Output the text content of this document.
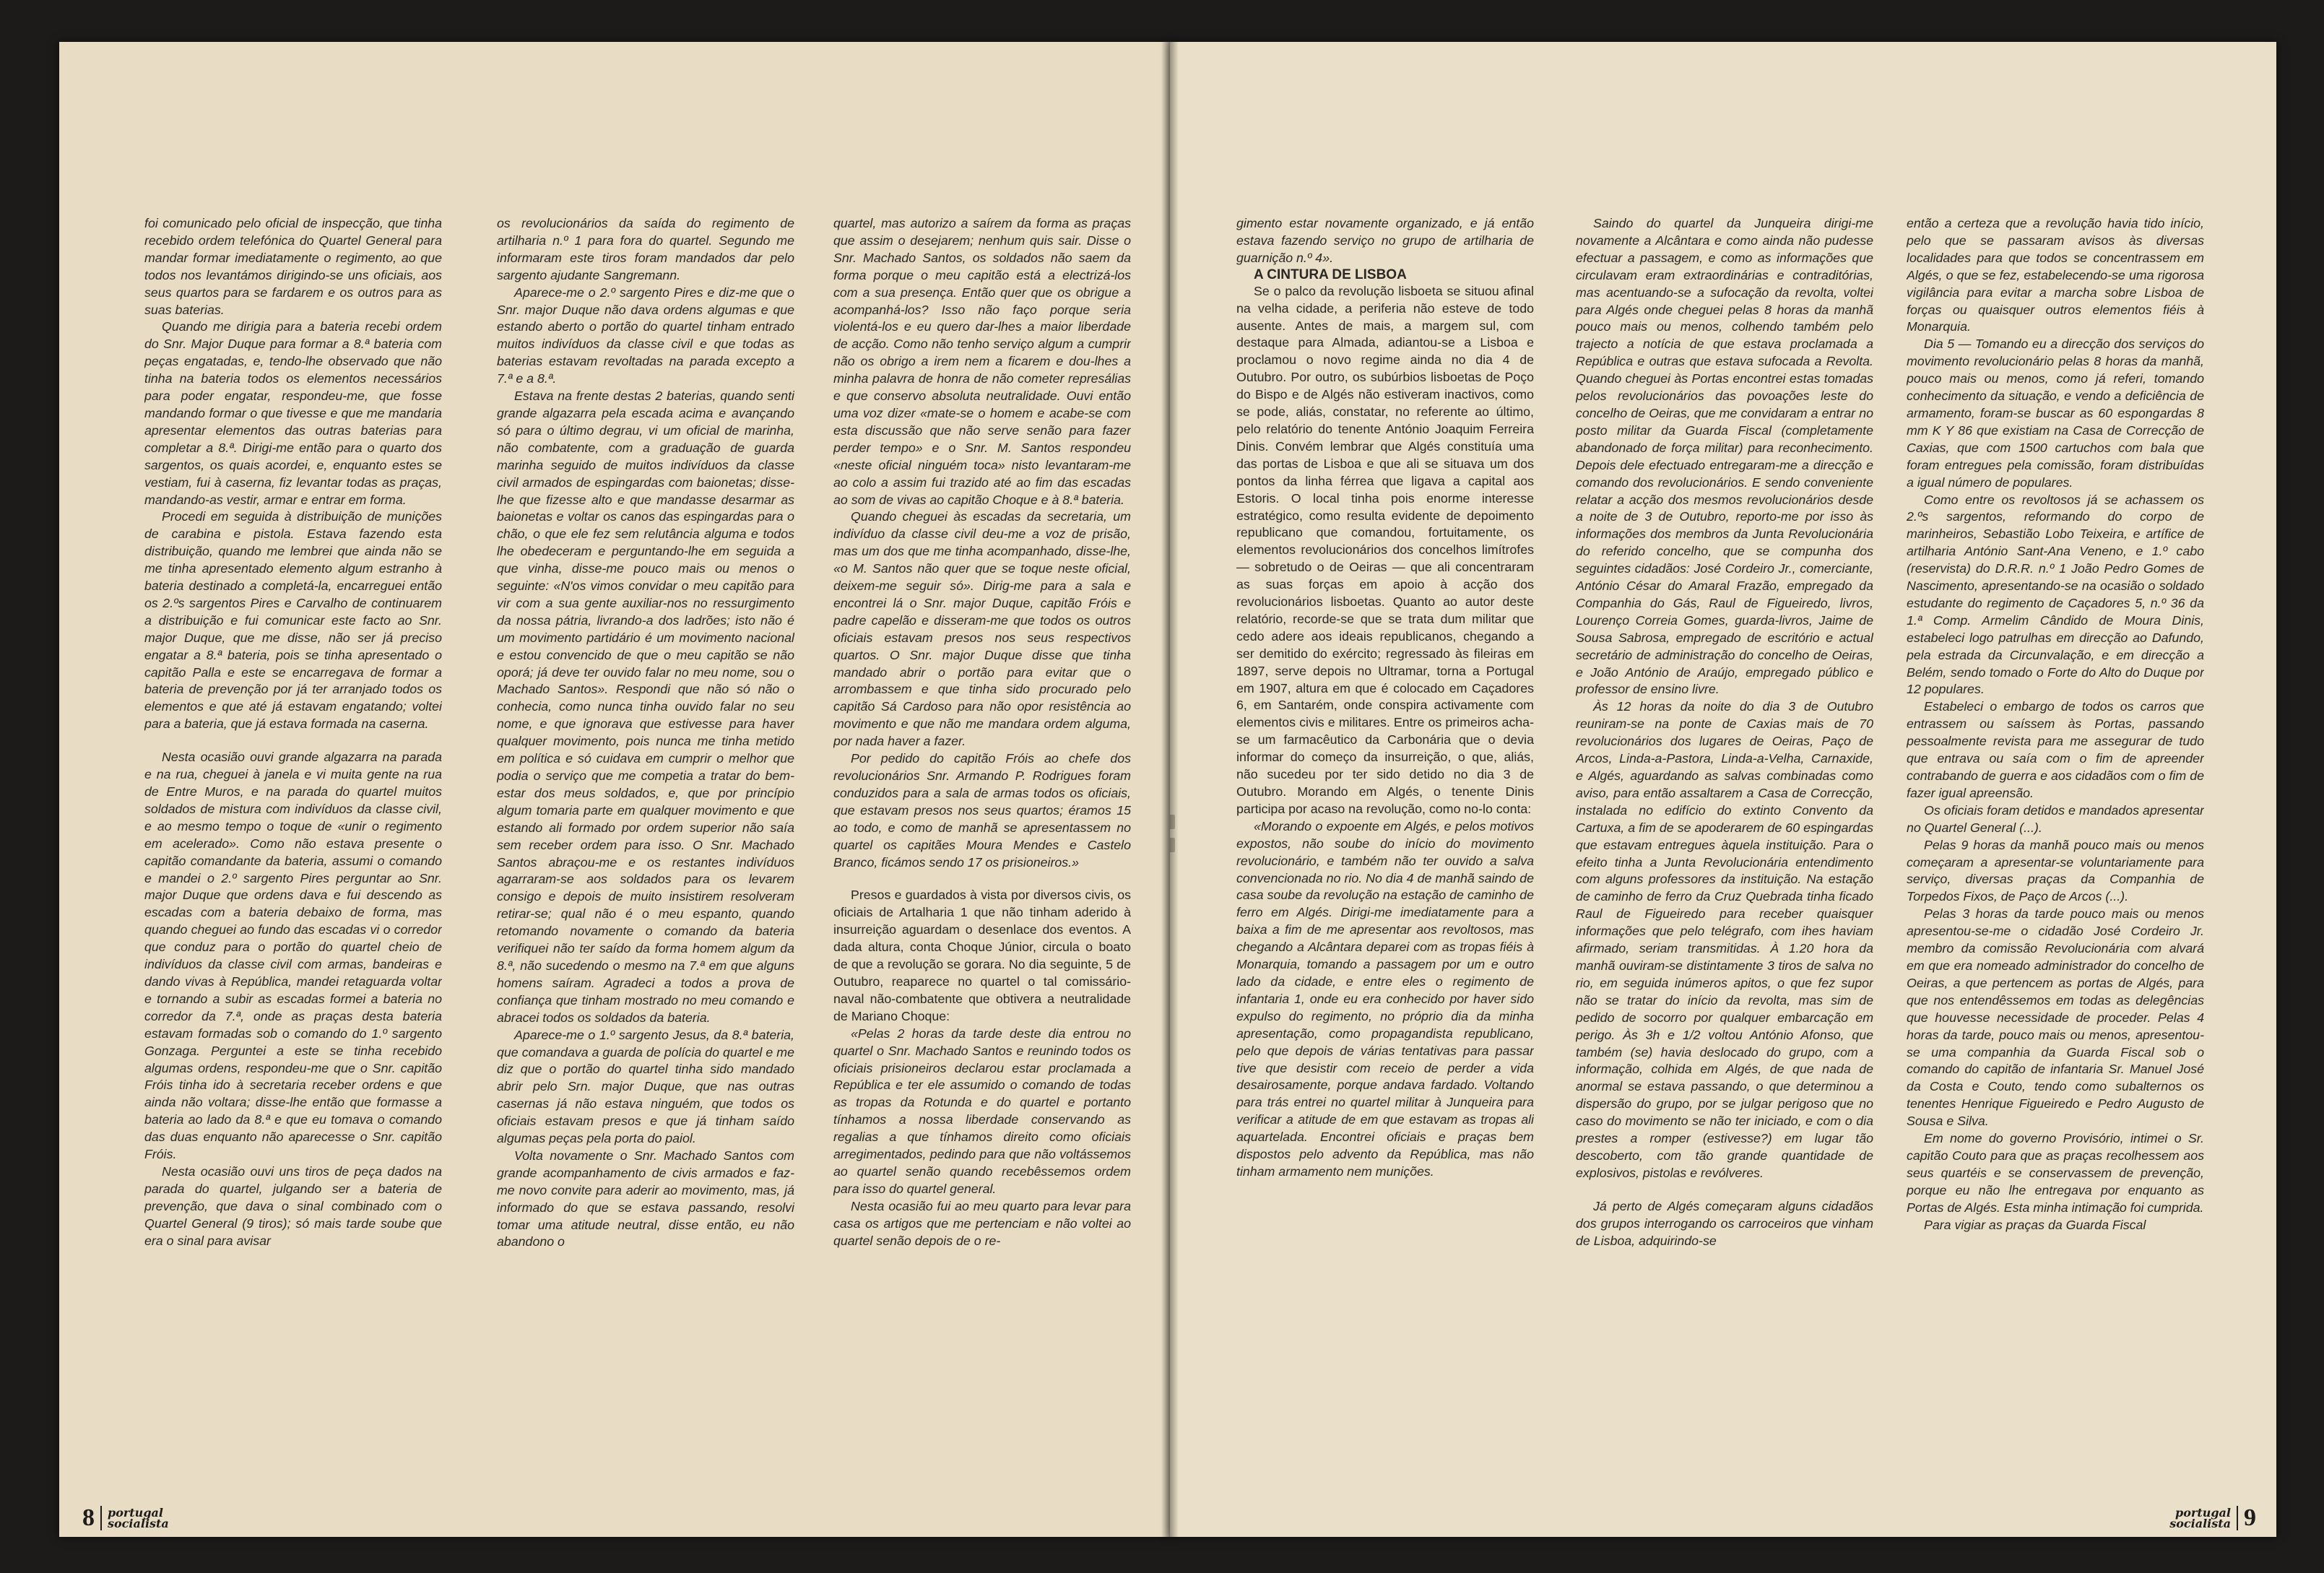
foi comunicado pelo oficial de inspecção, que tinha recebido ordem telefónica do Quartel General para mandar formar imediatamente o regimento, ao que todos nos levantámos dirigindo-se uns oficiais, aos seus quartos para se fardarem e os outros para as suas baterias.

Quando me dirigia para a bateria recebi ordem do Snr. Major Duque para formar a 8.ª bateria com peças engatadas, e, tendo-lhe observado que não tinha na bateria todos os elementos necessários para poder engatar, respondeu-me, que fosse mandando formar o que tivesse e que me mandaria apresentar elementos das outras baterias para completar a 8.ª. Dirigi-me então para o quarto dos sargentos, os quais acordei, e, enquanto estes se vestiam, fui à caserna, fiz levantar todas as praças, mandando-as vestir, armar e entrar em forma.

Procedi em seguida à distribuição de munições de carabina e pistola. Estava fazendo esta distribuição, quando me lembrei que ainda não se me tinha apresentado elemento algum estranho à bateria destinado a completá-la, encarreguei então os 2.ºs sargentos Pires e Carvalho de continuarem a distribuição e fui comunicar este facto ao Snr. major Duque, que me disse, não ser já preciso engatar a 8.ª bateria, pois se tinha apresentado o capitão Palla e este se encarregava de formar a bateria de prevenção por já ter arranjado todos os elementos e que até já estavam engatando; voltei para a bateria, que já estava formada na caserna.

Nesta ocasião ouvi grande algazarra na parada e na rua, cheguei à janela e vi muita gente na rua de Entre Muros, e na parada do quartel muitos soldados de mistura com indivíduos da classe civil, e ao mesmo tempo o toque de «unir o regimento em acelerado». Como não estava presente o capitão comandante da bateria, assumi o comando e mandei o 2.º sargento Pires perguntar ao Snr. major Duque que ordens dava e fui descendo as escadas com a bateria debaixo de forma, mas quando cheguei ao fundo das escadas vi o corredor que conduz para o portão do quartel cheio de indivíduos da classe civil com armas, bandeiras e dando vivas à República, mandei retaguarda voltar e tornando a subir as escadas formei a bateria no corredor da 7.ª, onde as praças desta bateria estavam formadas sob o comando do 1.º sargento Gonzaga. Perguntei a este se tinha recebido algumas ordens, respondeu-me que o Snr. capitão Fróis tinha ido à secretaria receber ordens e que ainda não voltara; disse-lhe então que formasse a bateria ao lado da 8.ª e que eu tomava o comando das duas enquanto não aparecesse o Snr. capitão Fróis.

Nesta ocasião ouvi uns tiros de peça dados na parada do quartel, julgando ser a bateria de prevenção, que dava o sinal combinado com o Quartel General (9 tiros); só mais tarde soube que era o sinal para avisar

os revolucionários da saída do regimento de artilharia n.º 1 para fora do quartel. Segundo me informaram este tiros foram mandados dar pelo sargento ajudante Sangremann.

Aparece-me o 2.º sargento Pires e diz-me que o Snr. major Duque não dava ordens algumas e que estando aberto o portão do quartel tinham entrado muitos indivíduos da classe civil e que todas as baterias estavam revoltadas na parada excepto a 7.ª e a 8.ª.

Estava na frente destas 2 baterias, quando senti grande algazarra pela escada acima e avançando só para o último degrau, vi um oficial de marinha, não combatente, com a graduação de guarda marinha seguido de muitos indivíduos da classe civil armados de espingardas com baionetas; disse-lhe que fizesse alto e que mandasse desarmar as baionetas e voltar os canos das espingardas para o chão, o que ele fez sem relutância alguma e todos lhe obedeceram e perguntando-lhe em seguida a que vinha, disse-me pouco mais ou menos o seguinte: «N'os vimos convidar o meu capitão para vir com a sua gente auxiliar-nos no ressurgimento da nossa pátria, livrando-a dos ladrões; isto não é um movimento partidário é um movimento nacional e estou convencido de que o meu capitão se não oporá; já deve ter ouvido falar no meu nome, sou o Machado Santos». Respondi que não só não o conhecia, como nunca tinha ouvido falar no seu nome, e que ignorava que estivesse para haver qualquer movimento, pois nunca me tinha metido em política e só cuidava em cumprir o melhor que podia o serviço que me competia a tratar do bem-estar dos meus soldados, e, que por princípio algum tomaria parte em qualquer movimento e que estando ali formado por ordem superior não saía sem receber ordem para isso. O Snr. Machado Santos abraçou-me e os restantes indivíduos agarraram-se aos soldados para os levarem consigo e depois de muito insistirem resolveram retirar-se; qual não é o meu espanto, quando retomando novamente o comando da bateria verifiquei não ter saído da forma homem algum da 8.ª, não sucedendo o mesmo na 7.ª em que alguns homens saíram. Agradeci a todos a prova de confiança que tinham mostrado no meu comando e abracei todos os soldados da bateria.

Aparece-me o 1.º sargento Jesus, da 8.ª bateria, que comandava a guarda de polícia do quartel e me diz que o portão do quartel tinha sido mandado abrir pelo Srn. major Duque, que nas outras casernas já não estava ninguém, que todos os oficiais estavam presos e que já tinham saído algumas peças pela porta do paiol.

Volta novamente o Snr. Machado Santos com grande acompanhamento de civis armados e faz-me novo convite para aderir ao movimento, mas, já informado do que se estava passando, resolvi tomar uma atitude neutral, disse então, eu não abandono o

quartel, mas autorizo a saírem da forma as praças que assim o desejarem; nenhum quis sair. Disse o Snr. Machado Santos, os soldados não saem da forma porque o meu capitão está a electrizá-los com a sua presença. Então quer que os obrigue a acompanhá-los? Isso não faço porque seria violentá-los e eu quero dar-lhes a maior liberdade de acção. Como não tenho serviço algum a cumprir não os obrigo a irem nem a ficarem e dou-lhes a minha palavra de honra de não cometer represálias e que conservo absoluta neutralidade. Ouvi então uma voz dizer «mate-se o homem e acabe-se com esta discussão que não serve senão para fazer perder tempo» e o Snr. M. Santos respondeu «neste oficial ninguém toca» nisto levantaram-me ao colo a assim fui trazido até ao fim das escadas ao som de vivas ao capitão Choque e à 8.ª bateria.

Quando cheguei às escadas da secretaria, um indivíduo da classe civil deu-me a voz de prisão, mas um dos que me tinha acompanhado, disse-lhe, «o M. Santos não quer que se toque neste oficial, deixem-me seguir só». Dirig-me para a sala e encontrei lá o Snr. major Duque, capitão Fróis e padre capelão e disseram-me que todos os outros oficiais estavam presos nos seus respectivos quartos. O Snr. major Duque disse que tinha mandado abrir o portão para evitar que o arrombassem e que tinha sido procurado pelo capitão Sá Cardoso para não opor resistência ao movimento e que não me mandara ordem alguma, por nada haver a fazer.

Por pedido do capitão Fróis ao chefe dos revolucionários Snr. Armando P. Rodrigues foram conduzidos para a sala de armas todos os oficiais, que estavam presos nos seus quartos; éramos 15 ao todo, e como de manhã se apresentassem no quartel os capitães Moura Mendes e Castelo Branco, ficámos sendo 17 os prisioneiros.»

Presos e guardados à vista por diversos civis, os oficiais de Artalharia 1 que não tinham aderido à insurreição aguardam o desenlace dos eventos. A dada altura, conta Choque Júnior, circula o boato de que a revolução se gorara. No dia seguinte, 5 de Outubro, reaparece no quartel o tal comissário-naval não-combatente que obtivera a neutralidade de Mariano Choque:

«Pelas 2 horas da tarde deste dia entrou no quartel o Snr. Machado Santos e reunindo todos os oficiais prisioneiros declarou estar proclamada a República e ter ele assumido o comando de todas as tropas da Rotunda e do quartel e portanto tínhamos a nossa liberdade conservando as regalias a que tínhamos direito como oficiais arregimentados, pedindo para que não voltássemos ao quartel senão quando recebêssemos ordem para isso do quartel general.

Nesta ocasião fui ao meu quarto para levar para casa os artigos que me pertenciam e não voltei ao quartel senão depois de o re-

8 portugal
socialista

gimento estar novamente organizado, e já então estava fazendo serviço no grupo de artilharia de guarnição n.º 4».

A CINTURA DE LISBOA

Se o palco da revolução lisboeta se situou afinal na velha cidade, a periferia não esteve de todo ausente. Antes de mais, a margem sul, com destaque para Almada, adiantou-se a Lisboa e proclamou o novo regime ainda no dia 4 de Outubro. Por outro, os subúrbios lisboetas de Poço do Bispo e de Algés não estiveram inactivos, como se pode, aliás, constatar, no referente ao último, pelo relatório do tenente António Joaquim Ferreira Dinis. Convém lembrar que Algés constituía uma das portas de Lisboa e que ali se situava um dos pontos da linha férrea que ligava a capital aos Estoris. O local tinha pois enorme interesse estratégico, como resulta evidente de depoimento republicano que comandou, fortuitamente, os elementos revolucionários dos concelhos limítrofes — sobretudo o de Oeiras — que ali concentraram as suas forças em apoio à acção dos revolucionários lisboetas. Quanto ao autor deste relatório, recorde-se que se trata dum militar que cedo adere aos ideais republicanos, chegando a ser demitido do exército; regressado às fileiras em 1897, serve depois no Ultramar, torna a Portugal em 1907, altura em que é colocado em Caçadores 6, em Santarém, onde conspira activamente com elementos civis e militares. Entre os primeiros acha-se um farmacêutico da Carbonária que o devia informar do começo da insurreição, o que, aliás, não sucedeu por ter sido detido no dia 3 de Outubro. Morando em Algés, o tenente Dinis participa por acaso na revolução, como no-lo conta:

«Morando o expoente em Algés, e pelos motivos expostos, não soube do início do movimento revolucionário, e também não ter ouvido a salva convencionada no rio. No dia 4 de manhã saindo de casa soube da revolução na estação de caminho de ferro em Algés. Dirigi-me imediatamente para a baixa a fim de me apresentar aos revoltosos, mas chegando a Alcântara deparei com as tropas fiéis à Monarquia, tomando a passagem por um e outro lado da cidade, e entre eles o regimento de infantaria 1, onde eu era conhecido por haver sido expulso do regimento, no próprio dia da minha apresentação, como propagandista republicano, pelo que depois de várias tentativas para passar tive que desistir com receio de perder a vida desairosamente, porque andava fardado. Voltando para trás entrei no quartel militar à Junqueira para verificar a atitude de em que estavam as tropas ali aquartelada. Encontrei oficiais e praças bem dispostos pelo advento da República, mas não tinham armamento nem munições.

Saindo do quartel da Junqueira dirigi-me novamente a Alcântara e como ainda não pudesse efectuar a passagem, e como as informações que circulavam eram extraordinárias e contraditórias, mas acentuando-se a sufocação da revolta, voltei para Algés onde cheguei pelas 8 horas da manhã pouco mais ou menos, colhendo também pelo trajecto a notícia de que estava proclamada a República e outras que estava sufocada a Revolta. Quando cheguei às Portas encontrei estas tomadas pelos revolucionários das povoações leste do concelho de Oeiras, que me convidaram a entrar no posto militar da Guarda Fiscal (completamente abandonado de força militar) para reconhecimento. Depois dele efectuado entregaram-me a direcção e comando dos revolucionários. E sendo conveniente relatar a acção dos mesmos revolucionários desde a noite de 3 de Outubro, reporto-me por isso às informações dos membros da Junta Revolucionária do referido concelho, que se compunha dos seguintes cidadãos: José Cordeiro Jr., comerciante, António César do Amaral Frazão, empregado da Companhia do Gás, Raul de Figueiredo, livros, Lourenço Correia Gomes, guarda-livros, Jaime de Sousa Sabrosa, empregado de escritório e actual secretário de administração do concelho de Oeiras, e João António de Araújo, empregado público e professor de ensino livre.

Às 12 horas da noite do dia 3 de Outubro reuniram-se na ponte de Caxias mais de 70 revolucionários dos lugares de Oeiras, Paço de Arcos, Linda-a-Pastora, Linda-a-Velha, Carnaxide, e Algés, aguardando as salvas combinadas como aviso, para então assaltarem a Casa de Correcção, instalada no edifício do extinto Convento da Cartuxa, a fim de se apoderarem de 60 espingardas que estavam entregues àquela instituição. Para o efeito tinha a Junta Revolucionária entendimento com alguns professores da instituição. Na estação de caminho de ferro da Cruz Quebrada tinha ficado Raul de Figueiredo para receber quaisquer informações que pelo telégrafo, com ihes haviam afirmado, seriam transmitidas. À 1.20 hora da manhã ouviram-se distintamente 3 tiros de salva no rio, em seguida inúmeros apitos, o que fez supor não se tratar do início da revolta, mas sim de pedido de socorro por qualquer embarcação em perigo. Às 3h e 1/2 voltou António Afonso, que também (se) havia deslocado do grupo, com a informação, colhida em Algés, de que nada de anormal se estava passando, o que determinou a dispersão do grupo, por se julgar perigoso que no caso do movimento se não ter iniciado, e com o dia prestes a romper (estivesse?) em lugar tão descoberto, com tão grande quantidade de explosivos, pistolas e revólveres.

Já perto de Algés começaram alguns cidadãos dos grupos interrogando os carroceiros que vinham de Lisboa, adquirindo-se

então a certeza que a revolução havia tido início, pelo que se passaram avisos às diversas localidades para que todos se concentrassem em Algés, o que se fez, estabelecendo-se uma rigorosa vigilância para evitar a marcha sobre Lisboa de forças ou quaisquer outros elementos fiéis à Monarquia.

Dia 5 — Tomando eu a direcção dos serviços do movimento revolucionário pelas 8 horas da manhã, pouco mais ou menos, como já referi, tomando conhecimento da situação, e vendo a deficiência de armamento, foram-se buscar as 60 espongardas 8 mm K Y 86 que existiam na Casa de Correcção de Caxias, que com 1500 cartuchos com bala que foram entregues pela comissão, foram distribuídas a igual número de populares.

Como entre os revoltosos já se achassem os 2.ºs sargentos, reformando do corpo de marinheiros, Sebastião Lobo Teixeira, e artífice de artilharia António Sant-Ana Veneno, e 1.º cabo (reservista) do D.R.R. n.º 1 João Pedro Gomes de Nascimento, apresentando-se na ocasião o soldado estudante do regimento de Caçadores 5, n.º 36 da 1.ª Comp. Armelim Cândido de Moura Dinis, estabeleci logo patrulhas em direcção ao Dafundo, pela estrada da Circunvalação, e em direcção a Belém, sendo tomado o Forte do Alto do Duque por 12 populares.

Estabeleci o embargo de todos os carros que entrassem ou saíssem às Portas, passando pessoalmente revista para me assegurar de tudo que entrava ou saía com o fim de apreender contrabando de guerra e aos cidadãos com o fim de fazer igual apreensão.

Os oficiais foram detidos e mandados apresentar no Quartel General (...).

Pelas 9 horas da manhã pouco mais ou menos começaram a apresentar-se voluntariamente para serviço, diversas praças da Companhia de Torpedos Fixos, de Paço de Arcos (...).

Pelas 3 horas da tarde pouco mais ou menos apresentou-se-me o cidadão José Cordeiro Jr. membro da comissão Revolucionária com alvará em que era nomeado administrador do concelho de Oeiras, a que pertencem as portas de Algés, para que nos entendêssemos em todas as delegências que houvesse necessidade de proceder. Pelas 4 horas da tarde, pouco mais ou menos, apresentou-se uma companhia da Guarda Fiscal sob o comando do capitão de infantaria Sr. Manuel José da Costa e Couto, tendo como subalternos os tenentes Henrique Figueiredo e Pedro Augusto de Sousa e Silva.

Em nome do governo Provisório, intimei o Sr. capitão Couto para que as praças recolhessem aos seus quartéis e se conservassem de prevenção, porque eu não lhe entregava por enquanto as Portas de Algés. Esta minha intimação foi cumprida.

Para vigiar as praças da Guarda Fiscal

portugal
socialista 9
